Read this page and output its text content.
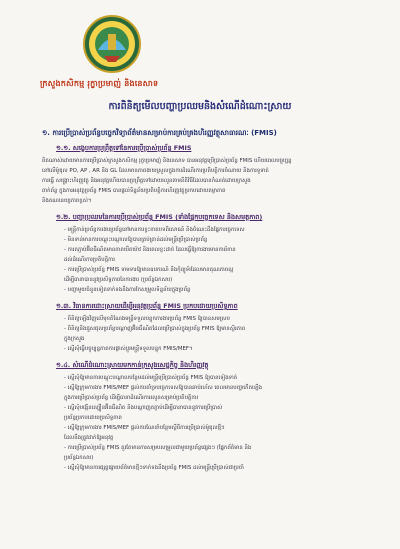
ក្រសួងកសិកម្ម រុក្ខាប្រមាញ់ និងនេសាទ
ការពិនិត្យមើលបញ្ហាប្រឈមនិងសំណើដំណោះស្រាយ
១. ការប្រើប្រាស់ប្រព័ន្ធបច្ចេកវិទ្យាព័ត៌មានសម្រាប់ការគ្រប់គ្រងហិរញ្ញវត្ថុសាធារណៈ (FMIS)
១.១. សង្ខេបការប្រព្រឹត្តទៅនៃការប្រើប្រាស់ប្រព័ន្ធ FMIS
ពិតណាស់ដោយមានការប្រើប្រាស់ក្រសួងកសិកម្ម រុក្ខាប្រមាញ់ និងនេសាទ បានអនុវត្តប្រើប្រាស់ប្រព័ន្ធ FMIS ហើយពេលបច្ចុប្បន្ន
នៅលើម៉ូឌុល PO, AP , AR និង GL ដែលមានភាពងាយស្រួលក្នុងការដំណើរការប្រតិបត្តិការចំណាយ និងការទូទាត់
ការធ្វើ សង្គ្រោះហិរញ្ញវត្ថុ និងអនុវត្តហើយបានប្រព្រឹត្តទៅដោយរលូនតាមនីតិវិធីដែលបានកំណត់ដោយក្រសួង
ពាក់ព័ន្ធ ក្នុងការអនុវត្តប្រព័ន្ធ FMIS បានផ្តល់ទិន្នន័យប្រតិបត្តិការហិរញ្ញវត្ថុប្រកបដោយតម្លាភាព
និងគណនេយ្យភាពខ្ពស់។
១.២. បញ្ហាប្រឈមនៃការប្រើប្រាស់ប្រព័ន្ធ FMIS (ទាំងផ្នែកបច្ចេកទេស និងសមត្ថភាព)
- មន្ត្រីកាន់ប្រព័ន្ធការងារប្រព័ន្ធនៅមានការខ្វះខាតបទពិសោធន៍ និងចំណេះដឹងផ្នែកបច្ចេកទេស
- មិនទាន់មានការបណ្តុះបណ្តាលឱ្យបានគ្រប់គ្រាន់ដល់មន្ត្រីប្រើប្រាស់ប្រព័ន្ធ
- ការតភ្ជាប់អ៊ីនធឺណិតមានភាពយឺតយ៉ាវ និងពេលខ្លះដាច់ ដែលធ្វើឱ្យការងារមានការរំខាន
ដល់ដំណើរការប្រតិបត្តិការ
- ការប្រើប្រាស់ប្រព័ន្ធ FMIS ទាមទារឱ្យមានឧបករណ៍ និងកុំព្យូទ័រដែលមានគុណភាពល្អ
ដើម្បីធានាបាននូវប្រសិទ្ធភាពនៃការងារ (ប្រព័ន្ធឯកសារ)
- បញ្ហាមួយចំនួនទៀតទាក់ទងនឹងការកែសម្រួលទិន្នន័យក្នុងប្រព័ន្ធ
១.៣. វិធានការដោះស្រាយដើម្បីអនុវត្តប្រព័ន្ធ FMIS ប្រកបដោយប្រសិទ្ធភាព
- ពិនិត្យឡើងវិញលើមុខតំណែងមន្ត្រីទទួលបន្ទុកការងារប្រព័ន្ធ FMIS ឱ្យបានសមស្រប
- ពិនិត្យនិងជួសជុលប្រព័ន្ធបណ្តាញអ៊ីនធឺណិតដែលប្រើប្រាស់ក្នុងប្រព័ន្ធ FMIS ឱ្យមានស្ថិរភាព
ក្នុងក្រសួង
- ស្នើសុំធ្វើបច្ចុប្បន្នភាពការផ្លាស់ប្តូរមន្ត្រីទទួលបន្ទុក FMIS/MEF។
១.៤. សំណើដំណោះស្រាយមកកាន់ក្រសួងសេដ្ឋកិច្ច និងហិរញ្ញវត្ថុ
- ស្នើសុំឱ្យមានការបណ្តុះបណ្តាលបន្ថែមដល់មន្ត្រីប្រើប្រាស់ប្រព័ន្ធ FMIS ឱ្យបានទៀងទាត់
- ស្នើឱ្យក្រុមការងារ FMIS/MEF ផ្តល់ការគាំទ្របច្ចេកទេសឱ្យបានឆាប់រហ័ស ពេលមានបញ្ហាកើតឡើង
ក្នុងការប្រើប្រាស់ប្រព័ន្ធ ដើម្បីធានាដំណើរការរលូនសម្រាប់ប្រតិបត្តិការ
- ស្នើសុំបង្កើនល្បឿនអ៊ីនធឺណិត និងបណ្តាញតភ្ជាប់ដើម្បីធានាបាននូវការប្រើប្រាស់
ប្រព័ន្ធប្រកបដោយប្រសិទ្ធភាព
- ស្នើឱ្យក្រុមការងារ FMIS/MEF ផ្តល់ការណែនាំបន្ថែមស្តីពីការប្រើប្រាស់ម៉ូឌុលថ្មីៗ
ដែលនឹងត្រូវដាក់ឱ្យអនុវត្ត
- ការប្រើប្រាស់ប្រព័ន្ធ FMIS គួរតែមានការសម្របសម្រួលជាមួយប្រព័ន្ធផ្សេងៗ (ផ្នែកព័ត៌មាន និង
ប្រព័ន្ធឯកសារ)
- ស្នើសុំឱ្យមានការផ្សព្វផ្សាយព័ត៌មានថ្មីៗទាក់ទងនឹងប្រព័ន្ធ FMIS ដល់មន្ត្រីប្រើប្រាស់ជាប្រចាំ
